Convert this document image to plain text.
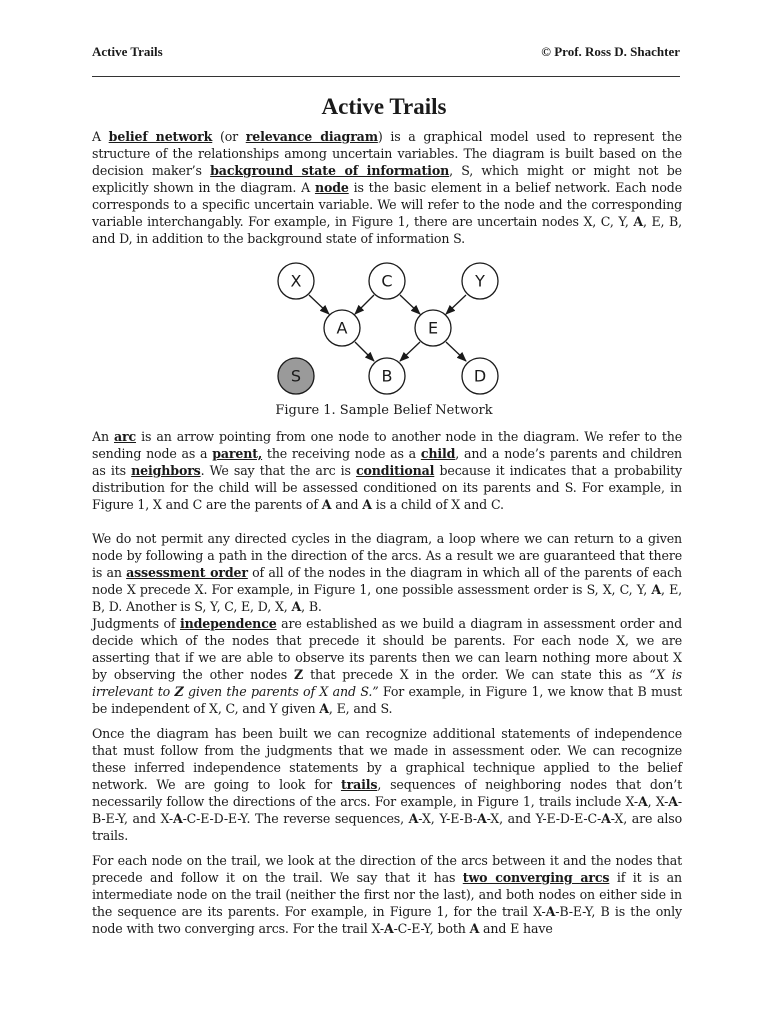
Active Trails	© Prof. Ross D. Shachter
Active Trails
A belief network (or relevance diagram) is a graphical model used to represent the structure of the relationships among uncertain variables. The diagram is built based on the decision maker’s background state of information, S, which might or might not be explicitly shown in the diagram. A node is the basic element in a belief network. Each node corresponds to a specific uncertain variable. We will refer to the node and the corresponding variable interchangably. For example, in Figure 1, there are uncertain nodes X, C, Y, A, E, B, and D, in addition to the background state of information S.
X	C	Y
A	E
S	B	D
Figure 1. Sample Belief Network
An arc is an arrow pointing from one node to another node in the diagram. We refer to the sending node as a parent, the receiving node as a child, and a node’s parents and children as its neighbors. We say that the arc is conditional because it indicates that a probability distribution for the child will be assessed conditioned on its parents and S. For example, in Figure 1, X and C are the parents of A and A is a child of X and C.
We do not permit any directed cycles in the diagram, a loop where we can return to a given node by following a path in the direction of the arcs. As a result we are guaranteed that there is an assessment order of all of the nodes in the diagram in which all of the parents of each node X precede X. For example, in Figure 1, one possible assessment order is S, X, C, Y, A, E, B, D. Another is S, Y, C, E, D, X, A, B.
Judgments of independence are established as we build a diagram in assessment order and decide which of the nodes that precede it should be parents. For each node X, we are asserting that if we are able to observe its parents then we can learn nothing more about X by observing the other nodes Z that precede X in the order. We can state this as “X is irrelevant to Z given the parents of X and S.” For example, in Figure 1, we know that B must be independent of X, C, and Y given A, E, and S.
Once the diagram has been built we can recognize additional statements of independence that must follow from the judgments that we made in assessment oder. We can recognize these inferred independence statements by a graphical technique applied to the belief network. We are going to look for trails, sequences of neighboring nodes that don’t necessarily follow the directions of the arcs. For example, in Figure 1, trails include X-A, X-A-B-E-Y, and X-A-C-E-D-E-Y. The reverse sequences, A-X, Y-E-B-A-X, and Y-E-D-E-C-A-X, are also trails.
For each node on the trail, we look at the direction of the arcs between it and the nodes that precede and follow it on the trail. We say that it has two converging arcs if it is an intermediate node on the trail (neither the first nor the last), and both nodes on either side in the sequence are its parents. For example, in Figure 1, for the trail X-A-B-E-Y, B is the only node with two converging arcs. For the trail X-A-C-E-Y, both A and E have
